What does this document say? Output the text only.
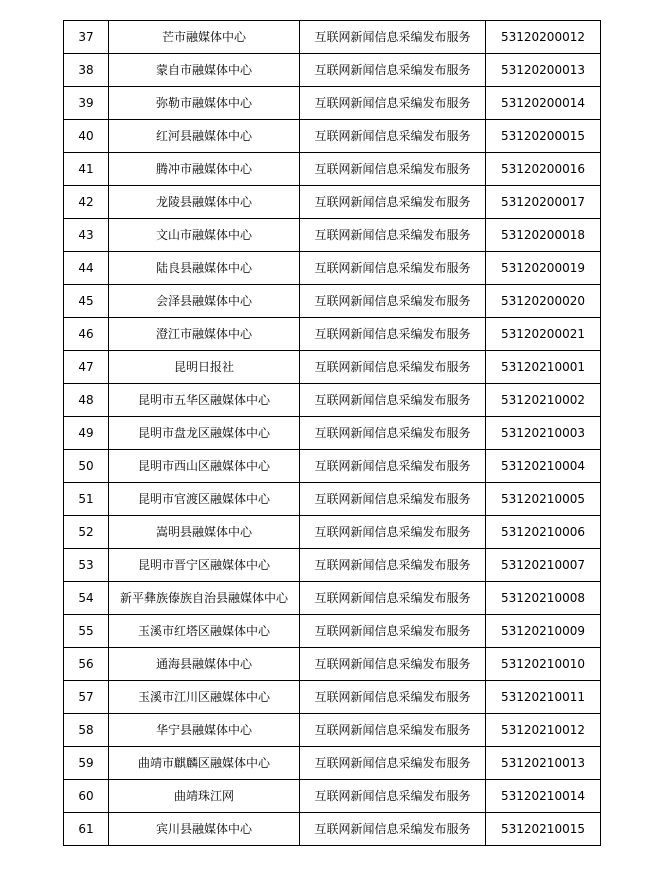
37	芒市融媒体中心	互联网新闻信息采编发布服务	53120200012
38	蒙自市融媒体中心	互联网新闻信息采编发布服务	53120200013
39	弥勒市融媒体中心	互联网新闻信息采编发布服务	53120200014
40	红河县融媒体中心	互联网新闻信息采编发布服务	53120200015
41	腾冲市融媒体中心	互联网新闻信息采编发布服务	53120200016
42	龙陵县融媒体中心	互联网新闻信息采编发布服务	53120200017
43	文山市融媒体中心	互联网新闻信息采编发布服务	53120200018
44	陆良县融媒体中心	互联网新闻信息采编发布服务	53120200019
45	会泽县融媒体中心	互联网新闻信息采编发布服务	53120200020
46	澄江市融媒体中心	互联网新闻信息采编发布服务	53120200021
47	昆明日报社	互联网新闻信息采编发布服务	53120210001
48	昆明市五华区融媒体中心	互联网新闻信息采编发布服务	53120210002
49	昆明市盘龙区融媒体中心	互联网新闻信息采编发布服务	53120210003
50	昆明市西山区融媒体中心	互联网新闻信息采编发布服务	53120210004
51	昆明市官渡区融媒体中心	互联网新闻信息采编发布服务	53120210005
52	嵩明县融媒体中心	互联网新闻信息采编发布服务	53120210006
53	昆明市晋宁区融媒体中心	互联网新闻信息采编发布服务	53120210007
54	新平彝族傣族自治县融媒体中心	互联网新闻信息采编发布服务	53120210008
55	玉溪市红塔区融媒体中心	互联网新闻信息采编发布服务	53120210009
56	通海县融媒体中心	互联网新闻信息采编发布服务	53120210010
57	玉溪市江川区融媒体中心	互联网新闻信息采编发布服务	53120210011
58	华宁县融媒体中心	互联网新闻信息采编发布服务	53120210012
59	曲靖市麒麟区融媒体中心	互联网新闻信息采编发布服务	53120210013
60	曲靖珠江网	互联网新闻信息采编发布服务	53120210014
61	宾川县融媒体中心	互联网新闻信息采编发布服务	53120210015
